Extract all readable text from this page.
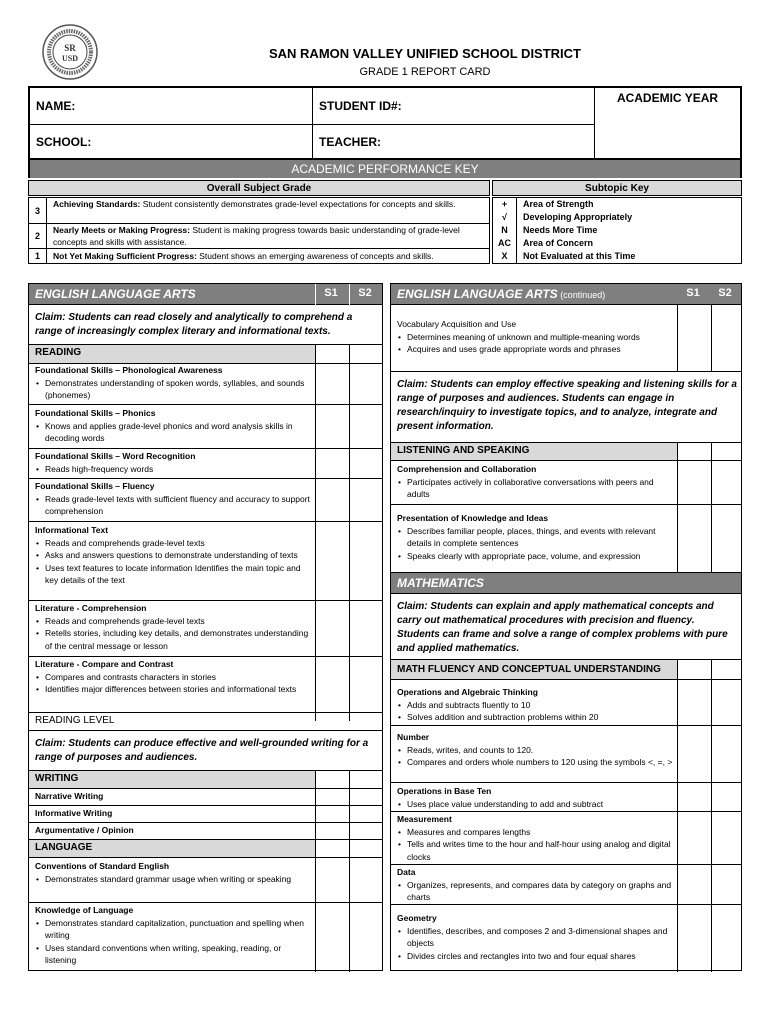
SR
USD	SAN RAMON VALLEY UNIFIED SCHOOL DISTRICT
GRADE 1 REPORT CARD
NAME:	STUDENT ID#:
SCHOOL:	TEACHER:
ACADEMIC YEAR
ACADEMIC PERFORMANCE KEY
Overall Subject Grade	Subtopic Key
3
Achieving Standards: Student consistently demonstrates grade-level expectations for concepts and skills.
2
Nearly Meets or Making Progress: Student is making progress towards basic understanding of grade-level concepts and skills with assistance.
1	Not Yet Making Sufficient Progress: Student shows an emerging awareness of concepts and skills.
+	Area of Strength
√	Developing Appropriately
N	Needs More Time
AC	Area of Concern
X	Not Evaluated at this Time
ENGLISH LANGUAGE ARTS	S1	S2
Claim: Students can read closely and analytically to comprehend a range of increasingly complex literary and informational texts.
READING
Foundational Skills – Phonological Awareness
• Demonstrates understanding of spoken words, syllables, and sounds (phonemes)
Foundational Skills – Phonics
• Knows and applies grade-level phonics and word analysis skills in decoding words
Foundational Skills – Word Recognition
• Reads high-frequency words
Foundational Skills – Fluency
• Reads grade-level texts with sufficient fluency and accuracy to support comprehension
Informational Text
• Reads and comprehends grade-level texts
• Asks and answers questions to demonstrate understanding of texts
• Uses text features to locate information Identifies the main topic and key details of the text
Literature - Comprehension
• Reads and comprehends grade-level texts
• Retells stories, including key details, and demonstrates understanding of the central message or lesson
Literature - Compare and Contrast
• Compares and contrasts characters in stories
• Identifies major differences between stories and informational texts
READING LEVEL
Claim: Students can produce effective and well-grounded writing for a range of purposes and audiences.
WRITING
Narrative Writing
Informative Writing
Argumentative / Opinion
LANGUAGE
Conventions of Standard English
• Demonstrates standard grammar usage when writing or speaking
Knowledge of Language
• Demonstrates standard capitalization, punctuation and spelling when writing
• Uses standard conventions when writing, speaking, reading, or listening
ENGLISH LANGUAGE ARTS (continued)	S1	S2
Vocabulary Acquisition and Use
• Determines meaning of unknown and multiple-meaning words
• Acquires and uses grade appropriate words and phrases
Claim: Students can employ effective speaking and listening skills for a range of purposes and audiences. Students can engage in research/inquiry to investigate topics, and to analyze, integrate and present information.
LISTENING AND SPEAKING
Comprehension and Collaboration
• Participates actively in collaborative conversations with peers and adults
Presentation of Knowledge and Ideas
• Describes familiar people, places, things, and events with relevant details in complete sentences
• Speaks clearly with appropriate pace, volume, and expression
MATHEMATICS
Claim: Students can explain and apply mathematical concepts and carry out mathematical procedures with precision and fluency. Students can frame and solve a range of complex problems with pure and applied mathematics.
MATH FLUENCY AND CONCEPTUAL UNDERSTANDING
Operations and Algebraic Thinking
• Adds and subtracts fluently to 10
• Solves addition and subtraction problems within 20
Number
• Reads, writes, and counts to 120.
• Compares and orders whole numbers to 120 using the symbols <, =, >
Operations in Base Ten
• Uses place value understanding to add and subtract
Measurement
• Measures and compares lengths
• Tells and writes time to the hour and half-hour using analog and digital clocks
Data
• Organizes, represents, and compares data by category on graphs and charts
Geometry
• Identifies, describes, and composes 2 and 3-dimensional shapes and objects
• Divides circles and rectangles into two and four equal shares
